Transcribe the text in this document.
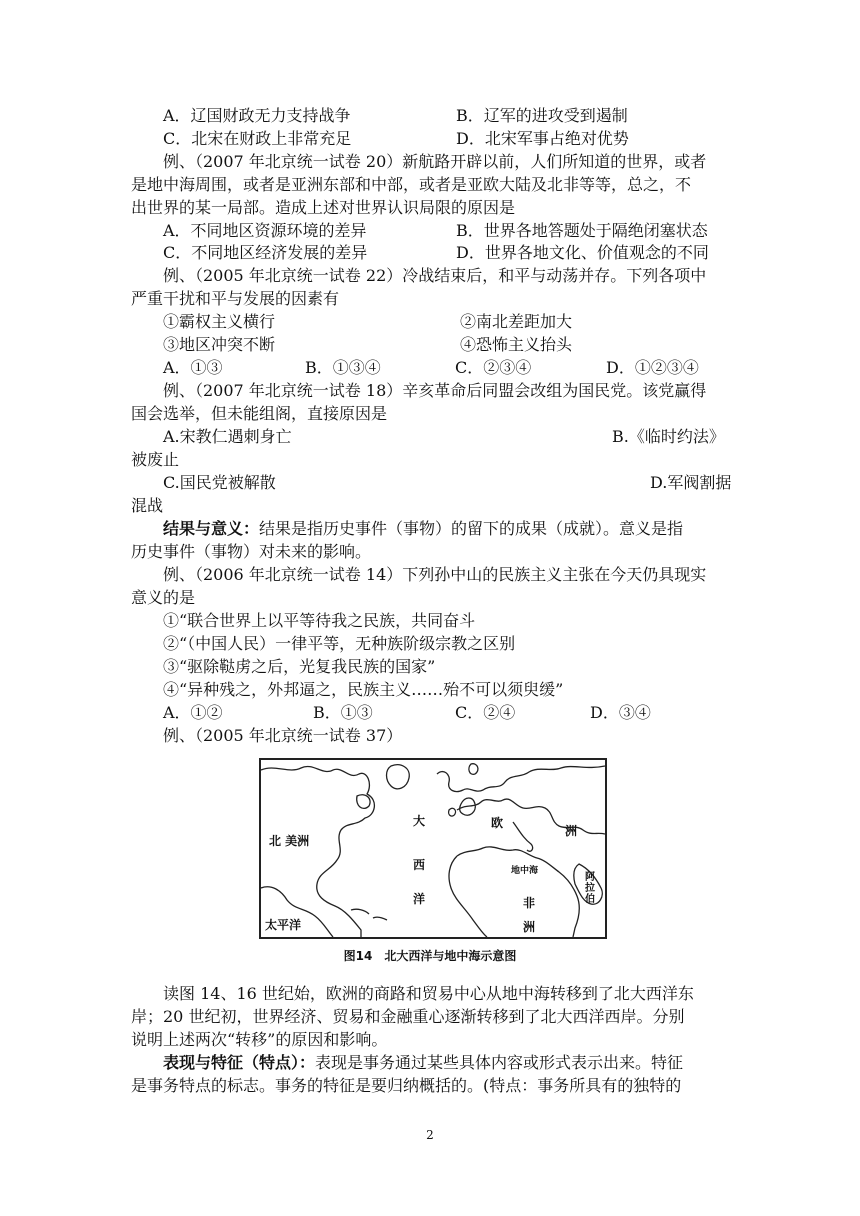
A．辽国财政无力支持战争	B．辽军的进攻受到遏制
C．北宋在财政上非常充足	D．北宋军事占绝对优势
例、（2007 年北京统一试卷 20）新航路开辟以前，人们所知道的世界，或者
是地中海周围，或者是亚洲东部和中部，或者是亚欧大陆及北非等等，总之，不
出世界的某一局部。造成上述对世界认识局限的原因是
A．不同地区资源环境的差异	B．世界各地答题处于隔绝闭塞状态
C．不同地区经济发展的差异	D．世界各地文化、价值观念的不同
例、（2005 年北京统一试卷 22）冷战结束后，和平与动荡并存。下列各项中
严重干扰和平与发展的因素有
①霸权主义横行	②南北差距加大
③地区冲突不断	④恐怖主义抬头
A．①③	B．①③④	C．②③④	D．①②③④
例、（2007 年北京统一试卷 18）辛亥革命后同盟会改组为国民党。该党赢得
国会选举，但未能组阁，直接原因是
A.宋教仁遇刺身亡	B.《临时约法》
被废止
C.国民党被解散	D.军阀割据
混战
结果与意义：结果是指历史事件（事物）的留下的成果（成就）。意义是指
历史事件（事物）对未来的影响。
例、（2006 年北京统一试卷 14）下列孙中山的民族主义主张在今天仍具现实
意义的是
①“联合世界上以平等待我之民族，共同奋斗
②“（中国人民）一律平等，无种族阶级宗教之区别
③“驱除鞑虏之后，光复我民族的国家”
④“异种残之，外邦逼之，民族主义……殆不可以须臾缓”
A．①②	B．①③	C．②④	D．③④
例、（2005 年北京统一试卷 37）
北 美洲
大
西
洋
欧
洲
非
洲
地中海
阿
拉
伯
太平洋
图14　北大西洋与地中海示意图
读图 14、16 世纪始，欧洲的商路和贸易中心从地中海转移到了北大西洋东
岸；20 世纪初，世界经济、贸易和金融重心逐渐转移到了北大西洋西岸。分别
说明上述两次“转移”的原因和影响。
表现与特征（特点）：表现是事务通过某些具体内容或形式表示出来。特征
是事务特点的标志。事务的特征是要归纳概括的。(特点：事务所具有的独特的
2
